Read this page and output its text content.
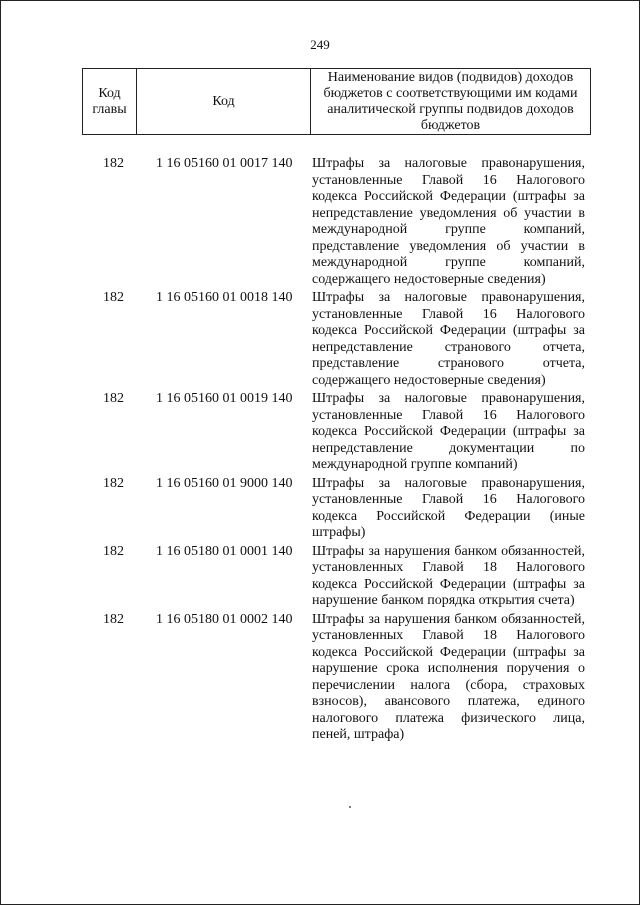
249
Код главы	Код	Наименование видов (подвидов) доходов бюджетов с соответствующими им кодами аналитической группы подвидов доходов бюджетов
182 1 16 05160 01 0017 140 Штрафы за налоговые правонарушения, установленные Главой 16 Налогового кодекса Российской Федерации (штрафы за непредставление уведомления об участии в международной группе компаний, представление уведомления об участии в международной группе компаний, содержащего недостоверные сведения)
182 1 16 05160 01 0018 140 Штрафы за налоговые правонарушения, установленные Главой 16 Налогового кодекса Российской Федерации (штрафы за непредставление странового отчета, представление странового отчета, содержащего недостоверные сведения)
182 1 16 05160 01 0019 140 Штрафы за налоговые правонарушения, установленные Главой 16 Налогового кодекса Российской Федерации (штрафы за непредставление документации по международной группе компаний)
182 1 16 05160 01 9000 140 Штрафы за налоговые правонарушения, установленные Главой 16 Налогового кодекса Российской Федерации (иные штрафы)
182 1 16 05180 01 0001 140 Штрафы за нарушения банком обязанностей, установленных Главой 18 Налогового кодекса Российской Федерации (штрафы за нарушение банком порядка открытия счета)
182 1 16 05180 01 0002 140 Штрафы за нарушения банком обязанностей, установленных Главой 18 Налогового кодекса Российской Федерации (штрафы за нарушение срока исполнения поручения о перечислении налога (сбора, страховых взносов), авансового платежа, единого налогового платежа физического лица, пеней, штрафа)
